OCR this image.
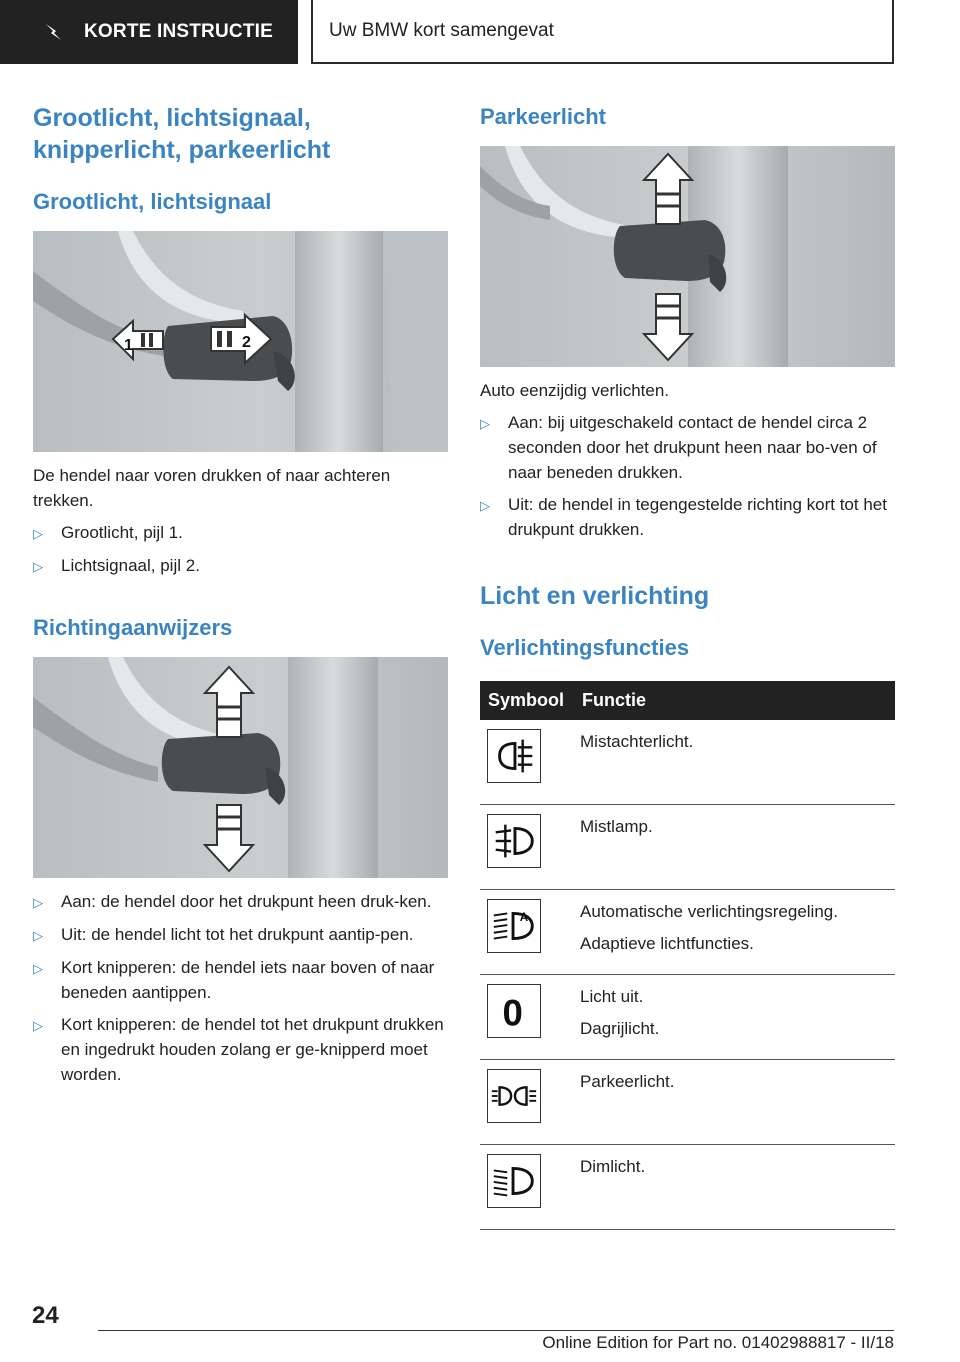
KORTE INSTRUCTIE	Uw BMW kort samengevat
Grootlicht, lichtsignaal, knipperlicht, parkeerlicht
Grootlicht, lichtsignaal
1	2

De hendel naar voren drukken of naar achteren trekken.

▷	Grootlicht, pijl 1.
▷	Lichtsignaal, pijl 2.
Richtingaanwijzers
▷	Aan: de hendel door het drukpunt heen druk-ken.
▷	Uit: de hendel licht tot het drukpunt aantip-pen.
▷	Kort knipperen: de hendel iets naar boven of naar beneden aantippen.
▷	Kort knipperen: de hendel tot het drukpunt drukken en ingedrukt houden zolang er ge-knipperd moet worden.
Parkeerlicht

Auto eenzijdig verlichten.

▷	Aan: bij uitgeschakeld contact de hendel circa 2 seconden door het drukpunt heen naar bo-ven of naar beneden drukken.
▷	Uit: de hendel in tegengestelde richting kort tot het drukpunt drukken.
Licht en verlichting
Verlichtingsfuncties
Symbool	Functie

Mistachterlicht.

Mistlamp.

A	Automatische verlichtingsregeling.
Adaptieve lichtfuncties.

0	Licht uit.
Dagrijlicht.

Parkeerlicht.

Dimlicht.
24
Online Edition for Part no. 01402988817 - II/18
